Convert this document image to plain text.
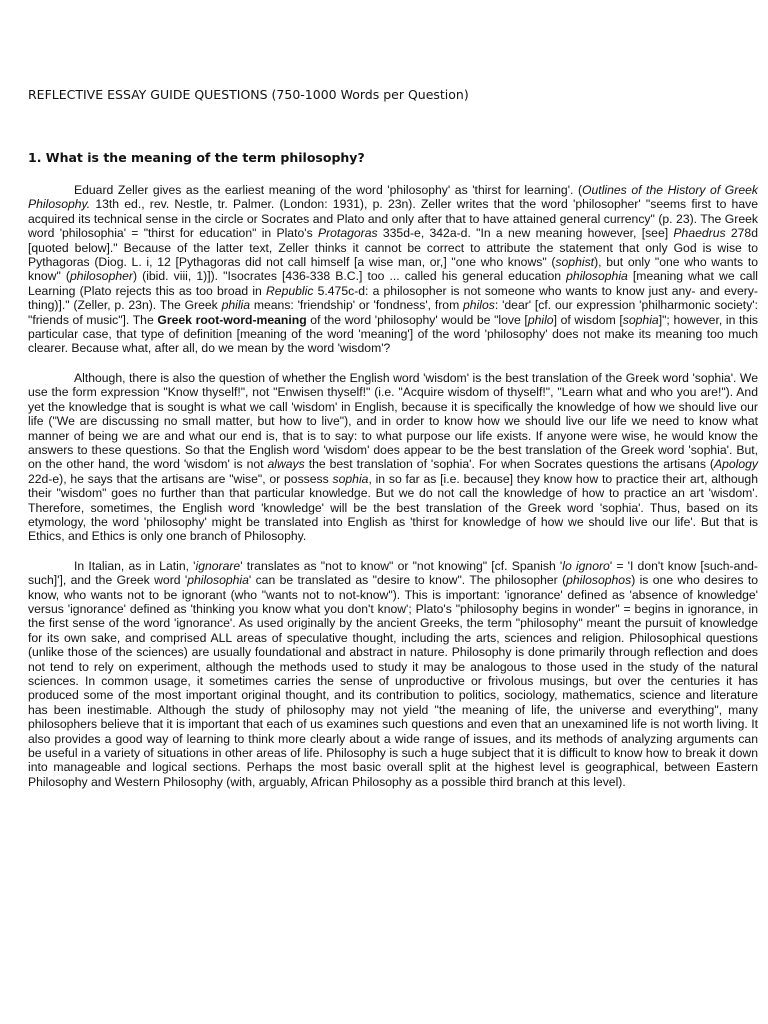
REFLECTIVE ESSAY GUIDE QUESTIONS (750-1000 Words per Question)
1. What is the meaning of the term philosophy?

Eduard Zeller gives as the earliest meaning of the word 'philosophy' as 'thirst for learning'. (Outlines of the History of Greek Philosophy. 13th ed., rev. Nestle, tr. Palmer. (London: 1931), p. 23n). Zeller writes that the word 'philosopher' "seems first to have acquired its technical sense in the circle or Socrates and Plato and only after that to have attained general currency" (p. 23). The Greek word 'philosophia' = "thirst for education" in Plato's Protagoras 335d-e, 342a-d. "In a new meaning however, [see] Phaedrus 278d [quoted below]." Because of the latter text, Zeller thinks it cannot be correct to attribute the statement that only God is wise to Pythagoras (Diog. L. i, 12 [Pythagoras did not call himself [a wise man, or,] "one who knows" (sophist), but only "one who wants to know" (philosopher) (ibid. viii, 1)]). "Isocrates [436-338 B.C.] too ... called his general education philosophia [meaning what we call Learning (Plato rejects this as too broad in Republic 5.475c-d: a philosopher is not someone who wants to know just any- and every-thing)]." (Zeller, p. 23n). The Greek philia means: 'friendship' or 'fondness', from philos: 'dear' [cf. our expression 'philharmonic society': "friends of music"]. The Greek root-word-meaning of the word 'philosophy' would be "love [philo] of wisdom [sophia]"; however, in this particular case, that type of definition [meaning of the word 'meaning'] of the word 'philosophy' does not make its meaning too much clearer. Because what, after all, do we mean by the word 'wisdom'?

Although, there is also the question of whether the English word 'wisdom' is the best translation of the Greek word 'sophia'. We use the form expression "Know thyself!", not "Enwisen thyself!" (i.e. "Acquire wisdom of thyself!", "Learn what and who you are!"). And yet the knowledge that is sought is what we call 'wisdom' in English, because it is specifically the knowledge of how we should live our life ("We are discussing no small matter, but how to live"), and in order to know how we should live our life we need to know what manner of being we are and what our end is, that is to say: to what purpose our life exists. If anyone were wise, he would know the answers to these questions. So that the English word 'wisdom' does appear to be the best translation of the Greek word 'sophia'. But, on the other hand, the word 'wisdom' is not always the best translation of 'sophia'. For when Socrates questions the artisans (Apology 22d-e), he says that the artisans are "wise", or possess sophia, in so far as [i.e. because] they know how to practice their art, although their "wisdom" goes no further than that particular knowledge. But we do not call the knowledge of how to practice an art 'wisdom'. Therefore, sometimes, the English word 'knowledge' will be the best translation of the Greek word 'sophia'. Thus, based on its etymology, the word 'philosophy' might be translated into English as 'thirst for knowledge of how we should live our life'. But that is Ethics, and Ethics is only one branch of Philosophy.

In Italian, as in Latin, 'ignorare' translates as "not to know" or "not knowing" [cf. Spanish 'lo ignoro' = 'I don't know [such-and-such]'], and the Greek word 'philosophia' can be translated as "desire to know". The philosopher (philosophos) is one who desires to know, who wants not to be ignorant (who "wants not to not-know"). This is important: 'ignorance' defined as 'absence of knowledge' versus 'ignorance' defined as 'thinking you know what you don't know'; Plato's "philosophy begins in wonder" = begins in ignorance, in the first sense of the word 'ignorance'. As used originally by the ancient Greeks, the term "philosophy" meant the pursuit of knowledge for its own sake, and comprised ALL areas of speculative thought, including the arts, sciences and religion. Philosophical questions (unlike those of the sciences) are usually foundational and abstract in nature. Philosophy is done primarily through reflection and does not tend to rely on experiment, although the methods used to study it may be analogous to those used in the study of the natural sciences. In common usage, it sometimes carries the sense of unproductive or frivolous musings, but over the centuries it has produced some of the most important original thought, and its contribution to politics, sociology, mathematics, science and literature has been inestimable. Although the study of philosophy may not yield "the meaning of life, the universe and everything", many philosophers believe that it is important that each of us examines such questions and even that an unexamined life is not worth living. It also provides a good way of learning to think more clearly about a wide range of issues, and its methods of analyzing arguments can be useful in a variety of situations in other areas of life. Philosophy is such a huge subject that it is difficult to know how to break it down into manageable and logical sections. Perhaps the most basic overall split at the highest level is geographical, between Eastern Philosophy and Western Philosophy (with, arguably, African Philosophy as a possible third branch at this level).
